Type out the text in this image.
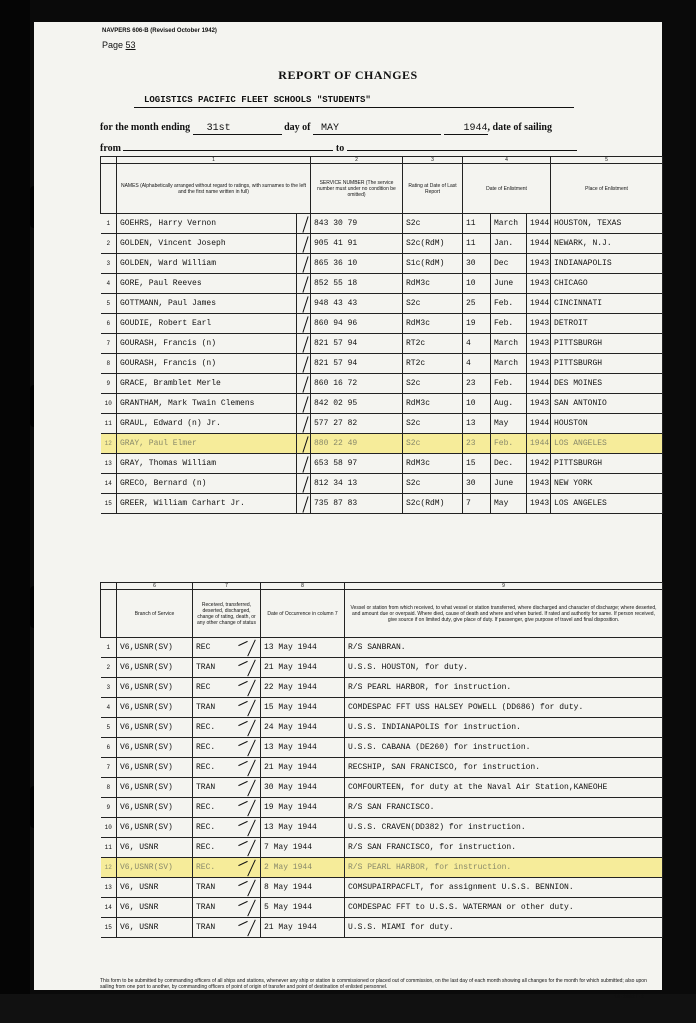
NAVPERS 606-B (Revised October 1942)
Page 53
REPORT OF CHANGES
LOGISTICS PACIFIC FLEET SCHOOLS "STUDENTS"
for the month ending 31st	day of MAY	1944, date of sailing
from	to
	1		2	3	4			5
	NAMES (Alphabetically arranged without regard to ratings, with surnames to the left and the first name written in full)		SERVICE NUMBER (The service number must under no condition be omitted)	Rating at Date of Last Report	Date of Enlistment			Place of Enlistment
1	GOEHRS, Harry Vernon		843 30 79	S2c	11	March	1944	HOUSTON, TEXAS
2	GOLDEN, Vincent Joseph		905 41 91	S2c(RdM)	11	Jan.	1944	NEWARK, N.J.
3	GOLDEN, Ward William		865 36 10	S1c(RdM)	30	Dec	1943	INDIANAPOLIS
4	GORE, Paul Reeves		852 55 18	RdM3c	10	June	1943	CHICAGO
5	GOTTMANN, Paul James		948 43 43	S2c	25	Feb.	1944	CINCINNATI
6	GOUDIE, Robert Earl		860 94 96	RdM3c	19	Feb.	1943	DETROIT
7	GOURASH, Francis (n)		821 57 94	RT2c	4	March	1943	PITTSBURGH
8	GOURASH, Francis (n)		821 57 94	RT2c	4	March	1943	PITTSBURGH
9	GRACE, Bramblet Merle		860 16 72	S2c	23	Feb.	1944	DES MOINES
10	GRANTHAM, Mark Twain Clemens		842 02 95	RdM3c	10	Aug.	1943	SAN ANTONIO
11	GRAUL, Edward (n) Jr.		577 27 82	S2c	13	May	1944	HOUSTON
12	GRAY, Paul Elmer		880 22 49	S2c	23	Feb.	1944	LOS ANGELES
13	GRAY, Thomas William		653 58 97	RdM3c	15	Dec.	1942	PITTSBURGH
14	GRECO, Bernard (n)		812 34 13	S2c	30	June	1943	NEW YORK
15	GREER, William Carhart Jr.		735 87 83	S2c(RdM)	7	May	1943	LOS ANGELES
	6	7	8	9
	Branch of Service	Received, transferred, deserted, discharged, change of rating, death, or any other change of status	Date of Occurrence in column 7	Vessel or station from which received, to what vessel or station transferred, where discharged and character of discharge; where deserted, and amount due or overpaid. Where died, cause of death and where and when buried. If rated and authority for same. If person received, give source if on limited duty, give place of duty. If passenger, give purpose of travel and final disposition.
1	V6,USNR(SV)	REC	13 May 1944	R/S SANBRAN.
2	V6,USNR(SV)	TRAN	21 May 1944	U.S.S. HOUSTON, for duty.
3	V6,USNR(SV)	REC	22 May 1944	R/S PEARL HARBOR, for instruction.
4	V6,USNR(SV)	TRAN	15 May 1944	COMDESPAC FFT USS HALSEY POWELL (DD686) for duty.
5	V6,USNR(SV)	REC.	24 May 1944	U.S.S. INDIANAPOLIS for instruction.
6	V6,USNR(SV)	REC.	13 May 1944	U.S.S. CABANA (DE260) for instruction.
7	V6,USNR(SV)	REC.	21 May 1944	RECSHIP, SAN FRANCISCO, for instruction.
8	V6,USNR(SV)	TRAN	30 May 1944	COMFOURTEEN, for duty at the Naval Air Station,KANEOHE
9	V6,USNR(SV)	REC.	19 May 1944	R/S SAN FRANCISCO.
10	V6,USNR(SV)	REC.	13 May 1944	U.S.S. CRAVEN(DD382) for instruction.
11	V6, USNR	REC.	7 May 1944	R/S SAN FRANCISCO, for instruction.
12	V6,USNR(SV)	REC.	2 May 1944	R/S PEARL HARBOR, for instruction.
13	V6, USNR	TRAN	8 May 1944	COMSUPAIRPACFLT, for assignment U.S.S. BENNION.
14	V6, USNR	TRAN	5 May 1944	COMDESPAC FFT to U.S.S. WATERMAN or other duty.
15	V6, USNR	TRAN	21 May 1944	U.S.S. MIAMI for duty.
This form to be submitted by commanding officers of all ships and stations, whenever any ship or station is commissioned or placed out of commission, on the last day of each month showing all changes for the month for which submitted; also upon sailing from one port to another, by commanding officers of point of origin of transfer and point of destination of enlisted personnel.
16-26627-2
